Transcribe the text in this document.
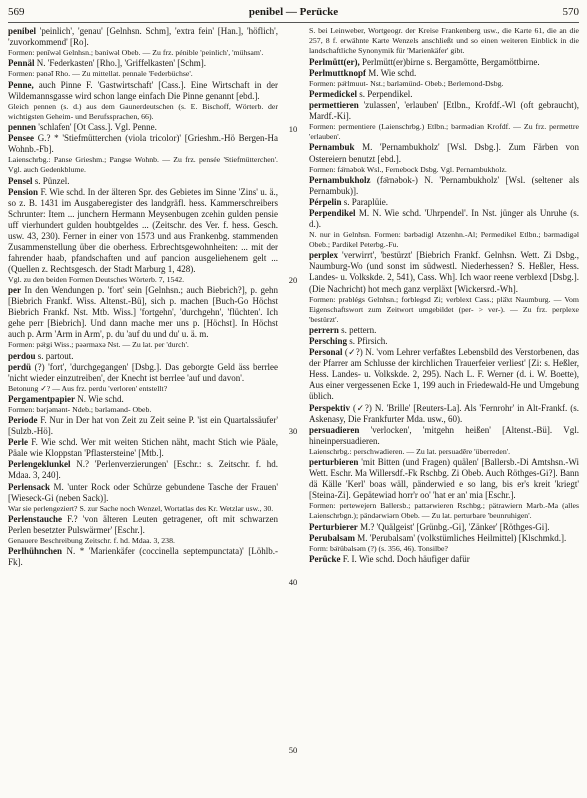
569	penibel — Perücke	570

penibel 'peinlich', 'genau' [Gelnhsn. Schm], 'extra fein' [Han.], 'höflich', 'zuvorkommend' [Ro].

Formen: penîwəl Gelnhsn.; bəníwəl Obeb. — Zu frz. pénible 'peinlich', 'mühsam'.

Pennäl N. 'Federkasten' [Rho.], 'Griffelkasten' [Schm].

Formen: pənə̃l Rho. — Zu mittellat. pennale 'Federbüchse'.

Penne, auch Pinne F. 'Gastwirtschaft' [Cass.]. Eine Wirtschaft in der Wildemannsgasse wird schon lange einfach Die Pinne genannt [ebd.].

Gleich pennen (s. d.) aus dem Gaunerdeutschen (s. E. Bischoff, Wörterb. der wichtigsten Geheim- und Berufssprachen, 66).

pennen 'schlafen' [Ot Cass.]. Vgl. Penne.

Pensee G.? * 'Stiefmütterchen (viola tricolor)' [Grieshm.-Hö Bergen-Ha Wohnb.-Fb].

Laienschrbg.: Panse Grieshm.; Pangse Wohnb. — Zu frz. pensée 'Stiefmütterchen'. Vgl. auch Gedenkblume.

Pensel s. Pünzel.

Pension F. Wie schd. In der älteren Spr. des Gebietes im Sinne 'Zins' u. ä., so z. B. 1431 im Ausgaberegister des landgräfl. hess. Kammerschreibers Schrunter: Item ... junchern Hermann Meysenbugen zcehin gulden pensie uff vierhundert gulden houbtgeldes ... (Zeitschr. des Ver. f. hess. Gesch. usw. 43, 230). Ferner in einer von 1573 und aus Frankenbg. stammenden Zusammenstellung über die oberhess. Erbrechtsgewohnheiten: ... mit der fahrender haab, pfandschaften und auf pancion ausgeliehenem gelt ... (Quellen z. Rechtsgesch. der Stadt Marburg 1, 428).

Vgl. zu den beiden Formen Deutsches Wörterb. 7, 1542.

per In den Wendungen p. 'fort' sein [Gelnhsn.; auch Biebrich?], p. gehn [Biebrich Frankf. Wiss. Altenst.-Bü], sich p. machen [Buch-Go Höchst Biebrich Frankf. Nst. Mtb. Wiss.] 'fortgehn', 'durchgehn', 'flüchten'. Ich gehe perr [Biebrich]. Und dann mache mer uns p. [Höchst]. In Höchst auch p. Arm 'Arm in Arm', p. du 'auf du und du' u. ä. m.

Formen: pə̈rgi Wiss.; pəərmaxə Nst. — Zu lat. per 'durch'.

perdou s. partout.

perdü (?) 'fort', 'durchgegangen' [Dsbg.]. Das geborgte Geld äss berrlee 'nicht wieder einzutreiben', der Knecht ist berrlee 'auf und davon'.

Betonung ✓? — Aus frz. perdu 'verloren' entstellt?

Pergamentpapier N. Wie schd.

Formen: bərjəmənt- Ndeb.; bərləmənd- Obeb.

Periode F. Nur in Der hat von Zeit zu Zeit seine P. 'ist ein Quartalssäufer' [Sulzb.-Hö].

Perle F. Wie schd. Wer mit weiten Stichen näht, macht Stich wie Päale, Päale wie Kloppstan 'Pflastersteine' [Mtb.].

Perlengeklunkel N.? 'Perlenverzierungen' [Eschr.: s. Zeitschr. f. hd. Mdaa. 3, 240].

Perlensack M. 'unter Rock oder Schürze gebundene Tasche der Frauen' [Wieseck-Gi (neben Sack)].

War sie perlengeziert? S. zur Sache noch Wenzel, Wortatlas des Kr. Wetzlar usw., 30.

Perlenstauche F.? 'von älteren Leuten getragener, oft mit schwarzen Perlen besetzter Pulswärmer' [Eschr.].

Genauere Beschreibung Zeitschr. f. hd. Mdaa. 3, 238.

Perlhühnchen N. * 'Marienkäfer (coccinella septempunctata)' [Löhlb.-Fk].

10
20
30
40
50

S. bei Leinweber, Wortgeogr. der Kreise Frankenberg usw., die Karte 61, die an die 257, 8 f. erwähnte Karte Wenzels anschließt und so einen weiteren Einblick in die landschaftliche Synonymik für 'Marienkäfer' gibt.

Perlmütt(er), Perlmütt(er)birne s. Bergamötte, Bergamöttbirne.

Perlmuttknopf M. Wie schd.

Formen: pə̈rlmuut- Nst.; barləmünd- Obeb.; Berlemond-Dsbg.

Permedickel s. Perpendikel.

permettieren 'zulassen', 'erlauben' [Etlbn., Krofdf.-Wl (oft gebraucht), Mardf.-Ki].

Formen: permentiere (Laienschrbg.) Etlbn.; bərmədiən Krofdf. — Zu frz. permettre 'erlauben'.

Pernambuk M. 'Pernambukholz' [Wsl. Dsbg.]. Zum Färben von Ostereiern benutzt [ebd.].

Formen: fə̈rnəbok Wsl., Fernebock Dsbg. Vgl. Pernambukholz.

Pernambukholz (fə̈rnəbok-) N. 'Pernambukholz' [Wsl. (seltener als Pernambuk)].

Pérpelin s. Paraplüie.

Perpendikel M. N. Wie schd. 'Uhrpendel'. In Nst. jünger als Unruhe (s. d.).

N. nur in Gelnhsn. Formen: bərbədigl Atzenhn.-Al; Permedikel Etlbn.; bərmədigəl Obeb.; Pardikel Peterbg.-Fu.

perplex 'verwirrt', 'bestürzt' [Biebrich Frankf. Gelnhsn. Wett. Zi Dsbg., Naumburg-Wo (und sonst im südwestl. Niederhessen? S. Heßler, Hess. Landes- u. Volkskde. 2, 541), Cass. Wh]. Ich waor reene verblexd [Dsbg.]. (Die Nachricht) hot mech ganz verpläxt [Wickersrd.-Wh].

Formen: prəblégs Gelnhsn.; forblegsd Zi; verblext Cass.; plä̈xt Naumburg. — Vom Eigenschaftswort zum Zeitwort umgebildet (per- > ver-). — Zu frz. perplexe 'bestürzt'.

perrern s. pettern.

Persching s. Pfirsich.

Personal (✓?) N. 'vom Lehrer verfaßtes Lebensbild des Verstorbenen, das der Pfarrer am Schlusse der kirchlichen Trauerfeier verliest' [Zi: s. Heßler, Hess. Landes- u. Volkskde. 2, 295). Nach L. F. Werner (d. i. W. Boette), Aus einer vergessenen Ecke 1, 199 auch in Friedewald-He und Umgebung üblich.

Perspektiv (✓?) N. 'Brille' [Reuters-La]. Als 'Fernrohr' in Alt-Frankf. (s. Askenasy, Die Frankfurter Mda. usw., 60).

persuadieren 'verlocken', 'mitgehn heißen' [Altenst.-Bü]. Vgl. hineinpersuadieren.

Laienschrbg.: perschwadieren. — Zu lat. persuadēre 'überreden'.

perturbieren 'mit Bitten (und Fragen) quälen' [Ballersb.-Di Amtshsn.-Wi Wett. Eschr. Ma Willersdf.-Fk Rschbg. Zi Obeb. Auch Röthges-Gi?]. Bann dä Källe 'Kerl' boas wäll, pänderwied e so lang, bis er's kreit 'kriegt' [Steina-Zi]. Gepätewiad horr'r oo' 'hat er an' mia [Eschr.].

Formen: pertewejern Ballersb.; pattərwieren Rschbg.; pätrawiern Marb.-Ma (alles Laienschrbgn.); pändərwiərn Obeb. — Zu lat. perturbare 'beunruhigen'.

Perturbierer M.? 'Quälgeist' [Grünbg.-Gi], 'Zänker' [Röthges-Gi].

Perubalsam M. 'Perubalsam' (volkstümliches Heilmittel) [Klschmkd.].

Form: bə̈rübalsəm (?) (s. 356, 46). Tonsilbe?

Perücke F. I. Wie schd. Doch häufiger dafür
